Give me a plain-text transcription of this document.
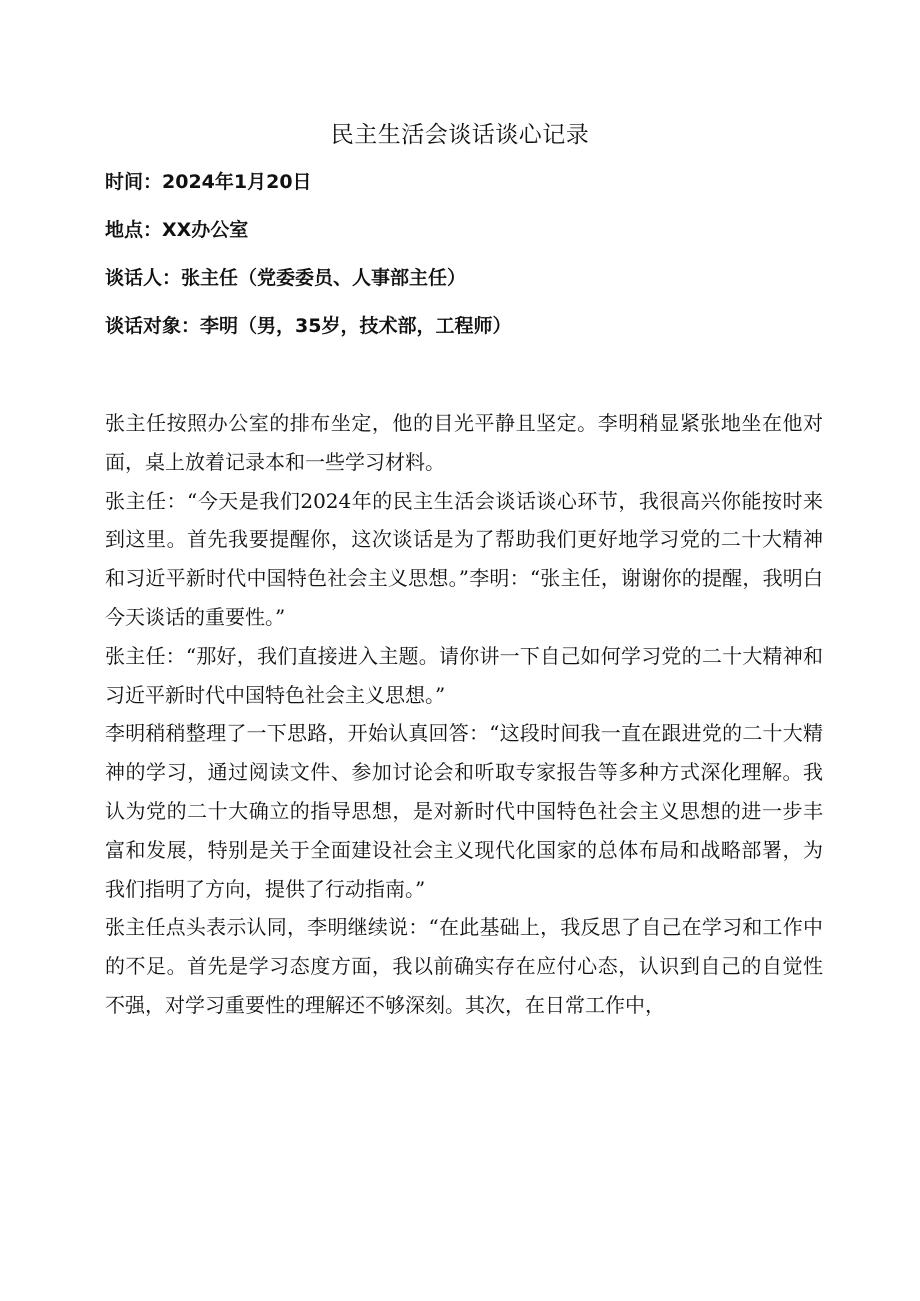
民主生活会谈话谈心记录
时间：2024年1月20日
地点：XX办公室
谈话人：张主任（党委委员、人事部主任）
谈话对象：李明（男，35岁，技术部，工程师）

张主任按照办公室的排布坐定，他的目光平静且坚定。李明稍显紧张地坐在他对面，桌上放着记录本和一些学习材料。

张主任：“今天是我们2024年的民主生活会谈话谈心环节，我很高兴你能按时来到这里。首先我要提醒你，这次谈话是为了帮助我们更好地学习党的二十大精神和习近平新时代中国特色社会主义思想。”李明：“张主任，谢谢你的提醒，我明白今天谈话的重要性。”

张主任：“那好，我们直接进入主题。请你讲一下自己如何学习党的二十大精神和习近平新时代中国特色社会主义思想。”

李明稍稍整理了一下思路，开始认真回答：“这段时间我一直在跟进党的二十大精神的学习，通过阅读文件、参加讨论会和听取专家报告等多种方式深化理解。我认为党的二十大确立的指导思想，是对新时代中国特色社会主义思想的进一步丰富和发展，特别是关于全面建设社会主义现代化国家的总体布局和战略部署，为我们指明了方向，提供了行动指南。”

张主任点头表示认同，李明继续说：“在此基础上，我反思了自己在学习和工作中的不足。首先是学习态度方面，我以前确实存在应付心态，认识到自己的自觉性不强，对学习重要性的理解还不够深刻。其次，在日常工作中，
